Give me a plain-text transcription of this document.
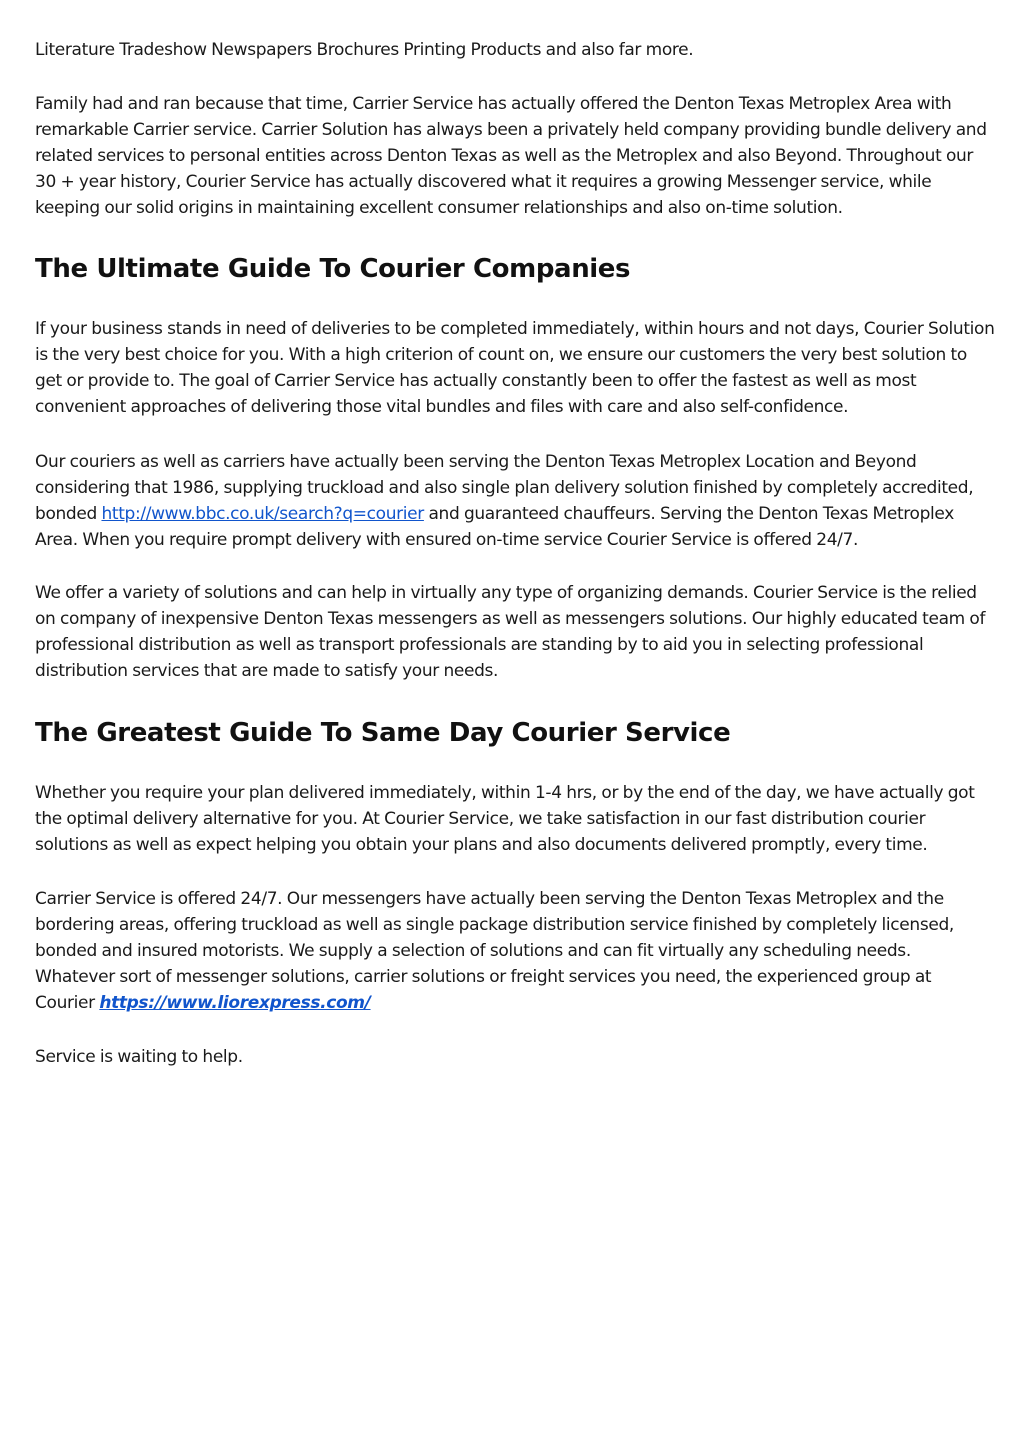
Literature Tradeshow Newspapers Brochures Printing Products and also far more.

Family had and ran because that time, Carrier Service has actually offered the Denton Texas Metroplex Area with remarkable Carrier service. Carrier Solution has always been a privately held company providing bundle delivery and related services to personal entities across Denton Texas as well as the Metroplex and also Beyond. Throughout our 30 + year history, Courier Service has actually discovered what it requires a growing Messenger service, while keeping our solid origins in maintaining excellent consumer relationships and also on-time solution.

The Ultimate Guide To Courier Companies

If your business stands in need of deliveries to be completed immediately, within hours and not days, Courier Solution is the very best choice for you. With a high criterion of count on, we ensure our customers the very best solution to get or provide to. The goal of Carrier Service has actually constantly been to offer the fastest as well as most convenient approaches of delivering those vital bundles and files with care and also self-confidence.

Our couriers as well as carriers have actually been serving the Denton Texas Metroplex Location and Beyond considering that 1986, supplying truckload and also single plan delivery solution finished by completely accredited, bonded http://www.bbc.co.uk/search?q=courier and guaranteed chauffeurs. Serving the Denton Texas Metroplex Area. When you require prompt delivery with ensured on-time service Courier Service is offered 24/7.

We offer a variety of solutions and can help in virtually any type of organizing demands. Courier Service is the relied on company of inexpensive Denton Texas messengers as well as messengers solutions. Our highly educated team of professional distribution as well as transport professionals are standing by to aid you in selecting professional distribution services that are made to satisfy your needs.

The Greatest Guide To Same Day Courier Service

Whether you require your plan delivered immediately, within 1-4 hrs, or by the end of the day, we have actually got the optimal delivery alternative for you. At Courier Service, we take satisfaction in our fast distribution courier solutions as well as expect helping you obtain your plans and also documents delivered promptly, every time.

Carrier Service is offered 24/7. Our messengers have actually been serving the Denton Texas Metroplex and the bordering areas, offering truckload as well as single package distribution service finished by completely licensed, bonded and insured motorists. We supply a selection of solutions and can fit virtually any scheduling needs. Whatever sort of messenger solutions, carrier solutions or freight services you need, the experienced group at Courier https://www.liorexpress.com/

Service is waiting to help.
